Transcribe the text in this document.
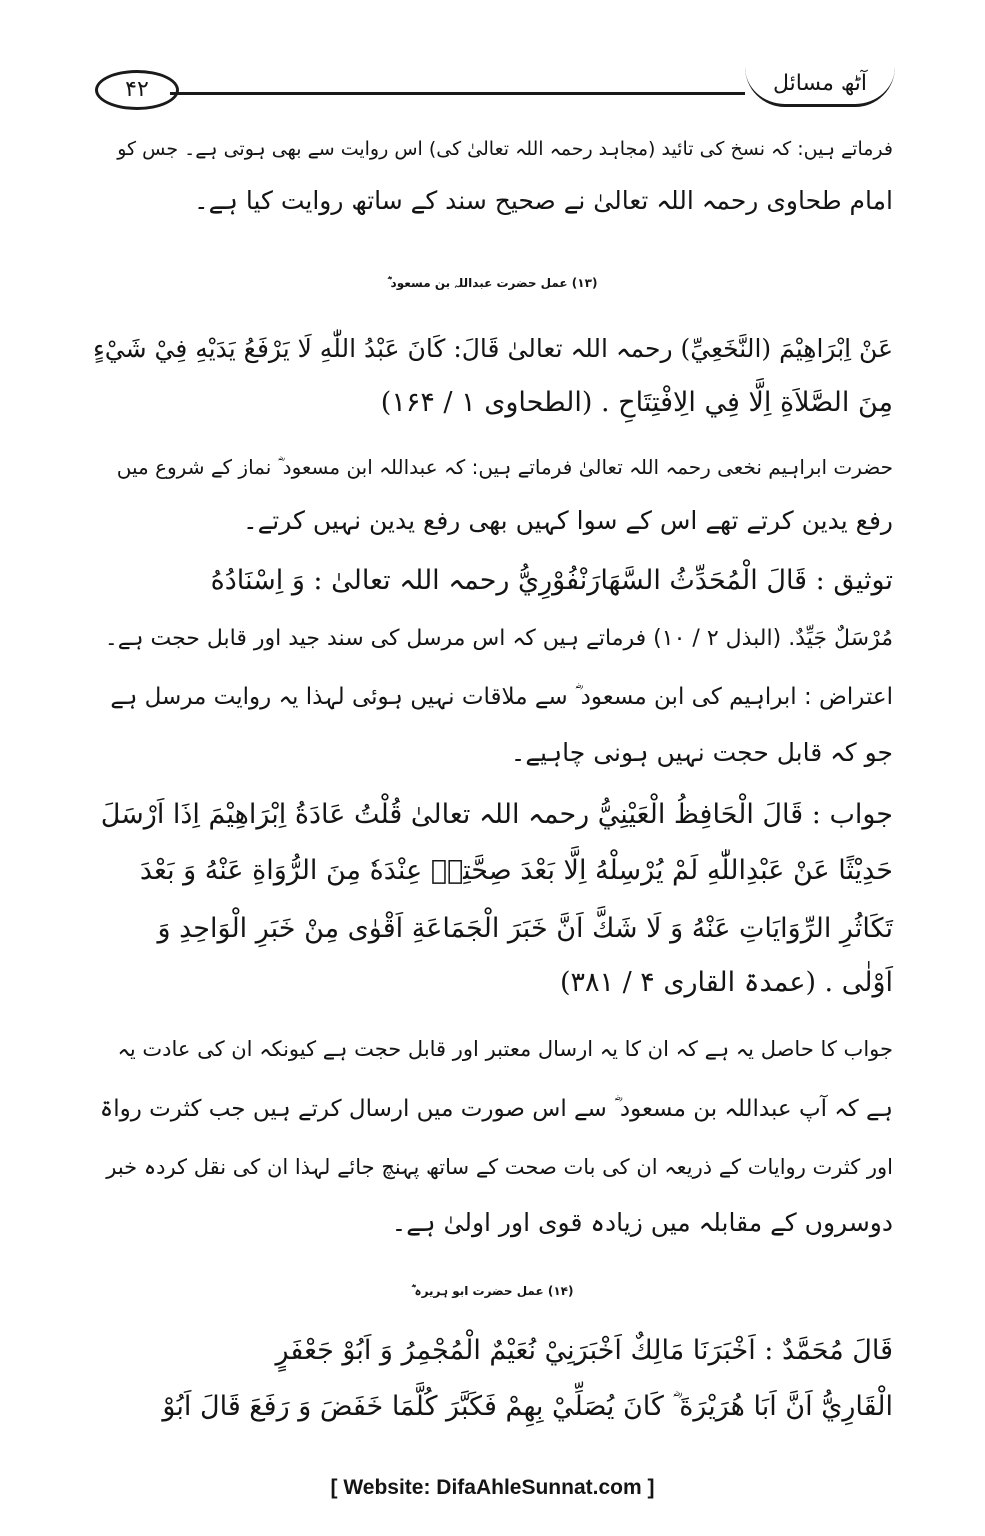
۴۲	آٹھ مسائل
فرماتے ہیں: کہ نسخ کی تائید (مجاہد رحمہ اللہ تعالیٰ کی) اس روایت سے بھی ہوتی ہے۔ جس کو
امام طحاوی رحمہ اللہ تعالیٰ نے صحیح سند کے ساتھ روایت کیا ہے۔
(۱۳) عمل حضرت عبداللہ بن مسعود ؓ
عَنْ اِبْرَاهِيْمَ (النَّخَعِيِّ) رحمہ اللہ تعالیٰ قَالَ: كَانَ عَبْدُ اللّٰهِ لَا يَرْفَعُ يَدَيْهِ فِيْ شَيْءٍ
مِنَ الصَّلاَةِ اِلَّا فِي الِافْتِتَاحِ . (الطحاوی ۱ / ۱۶۴)
حضرت ابراہیم نخعی رحمہ اللہ تعالیٰ فرماتے ہیں: کہ عبداللہ ابن مسعود ؓ نماز کے شروع میں
رفع یدین کرتے تھے اس کے سوا کہیں بھی رفع یدین نہیں کرتے۔
توثیق : قَالَ الْمُحَدِّثُ السَّهَارَنْفُوْرِيُّ رحمہ اللہ تعالیٰ : وَ اِسْنَادُهُ
مُرْسَلٌ جَيِّدٌ. (البذل ۲ / ۱۰) فرماتے ہیں کہ اس مرسل کی سند جید اور قابل حجت ہے۔
اعتراض : ابراہیم کی ابن مسعود ؓ سے ملاقات نہیں ہوئی لہذا یہ روایت مرسل ہے
جو کہ قابل حجت نہیں ہونی چاہیے۔
جواب : قَالَ الْحَافِظُ الْعَيْنِيُّ رحمہ اللہ تعالیٰ قُلْتُ عَادَةُ اِبْرَاهِيْمَ اِذَا اَرْسَلَ
حَدِيْثًا عَنْ عَبْدِاللّٰهِ لَمْ يُرْسِلْهُ اِلَّا بَعْدَ صِحَّتِهٖ عِنْدَهٗ مِنَ الرُّوَاةِ عَنْهُ وَ بَعْدَ
تَكَاثُرِ الرِّوَايَاتِ عَنْهُ وَ لَا شَكَّ اَنَّ خَبَرَ الْجَمَاعَةِ اَقْوٰى مِنْ خَبَرِ الْوَاحِدِ وَ
اَوْلٰى . (عمدۃ القاری ۴ / ۳۸۱)
جواب کا حاصل یہ ہے کہ ان کا یہ ارسال معتبر اور قابل حجت ہے کیونکہ ان کی عادت یہ
ہے کہ آپ عبداللہ بن مسعود ؓ سے اس صورت میں ارسال کرتے ہیں جب کثرت رواۃ
اور کثرت روایات کے ذریعہ ان کی بات صحت کے ساتھ پہنچ جائے لہذا ان کی نقل کردہ خبر
دوسروں کے مقابلہ میں زیادہ قوی اور اولیٰ ہے۔
(۱۴) عمل حضرت ابو ہریرہ ؓ
قَالَ مُحَمَّدٌ : اَخْبَرَنَا مَالِكٌ اَخْبَرَنِيْ نُعَيْمٌ الْمُجْمِرُ وَ اَبُوْ جَعْفَرٍ
الْقَارِيُّ اَنَّ اَبَا هُرَيْرَةَ ؓ كَانَ يُصَلِّيْ بِهِمْ فَكَبَّرَ كُلَّمَا خَفَضَ وَ رَفَعَ قَالَ اَبُوْ
[ Website: DifaAhleSunnat.com ]
